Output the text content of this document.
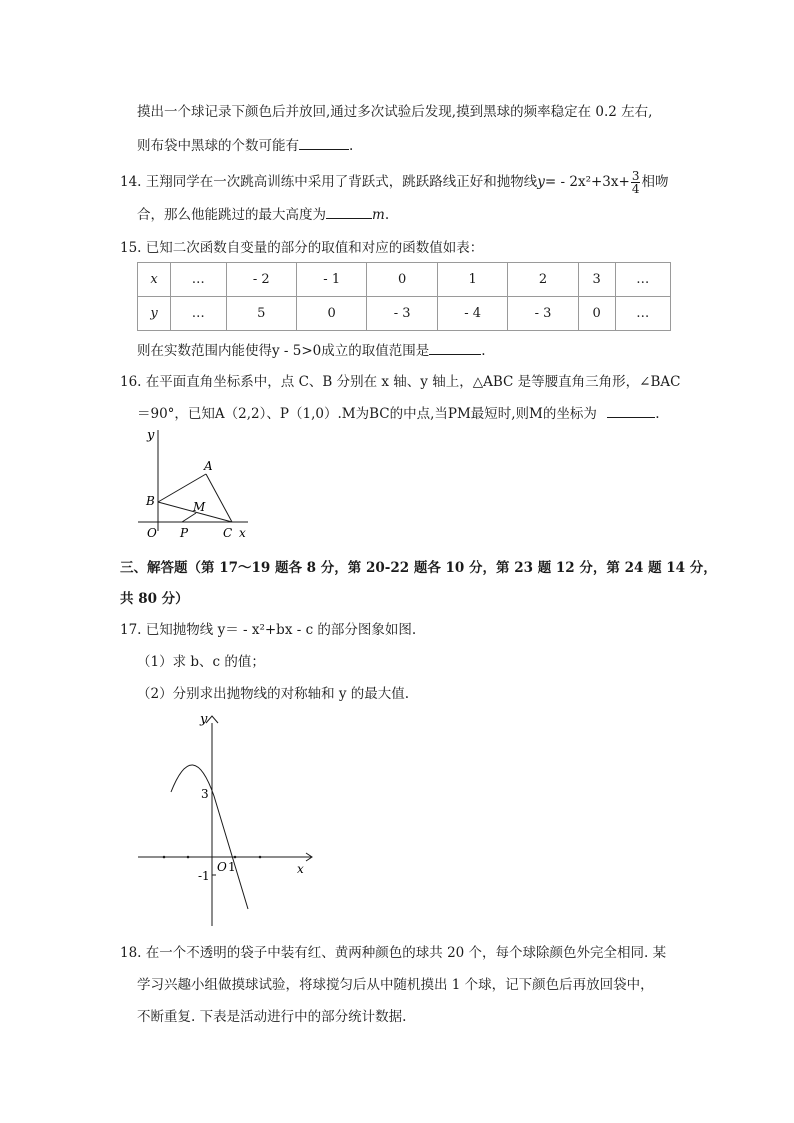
摸出一个球记录下颜色后并放回,通过多次试验后发现,摸到黑球的频率稳定在 0.2 左右,
则布袋中黑球的个数可能有	.
14. 王翔同学在一次跳高训练中采用了背跃式，跳跃路线正好和抛物线$y= - 2x^2+3x+ \frac{3}{4}$ 相吻
合，那么他能跳过的最大高度为	m.
15. 已知二次函数自变量的部分的取值和对应的函数值如表：
x	…	- 2	- 1	0	1	2	3	…
y	…	5	0	- 3	- 4	- 3	0	…
则在实数范围内能使得y - 5>0成立的取值范围是	.
16. 在平面直角坐标系中，点 C、B 分别在 x 轴、y 轴上，△ABC 是等腰直角三角形，∠BAC
＝90°，已知A（2,2）、P（1,0）.M为BC的中点,当PM最短时,则M的坐标为	.
y
A
B	M
O P	C x
三、解答题（第 17～19 题各 8 分，第 20-22 题各 10 分，第 23 题 12 分，第 24 题 14 分，
共 80 分）
17. 已知抛物线 y＝ - x²+bx - c 的部分图象如图.
（1）求 b、c 的值；
（2）分别求出抛物线的对称轴和 y 的最大值.
y
3
-1
O 1	x
18. 在一个不透明的袋子中装有红、黄两种颜色的球共 20 个，每个球除颜色外完全相同. 某
学习兴趣小组做摸球试验，将球搅匀后从中随机摸出 1 个球，记下颜色后再放回袋中，
不断重复. 下表是活动进行中的部分统计数据.
